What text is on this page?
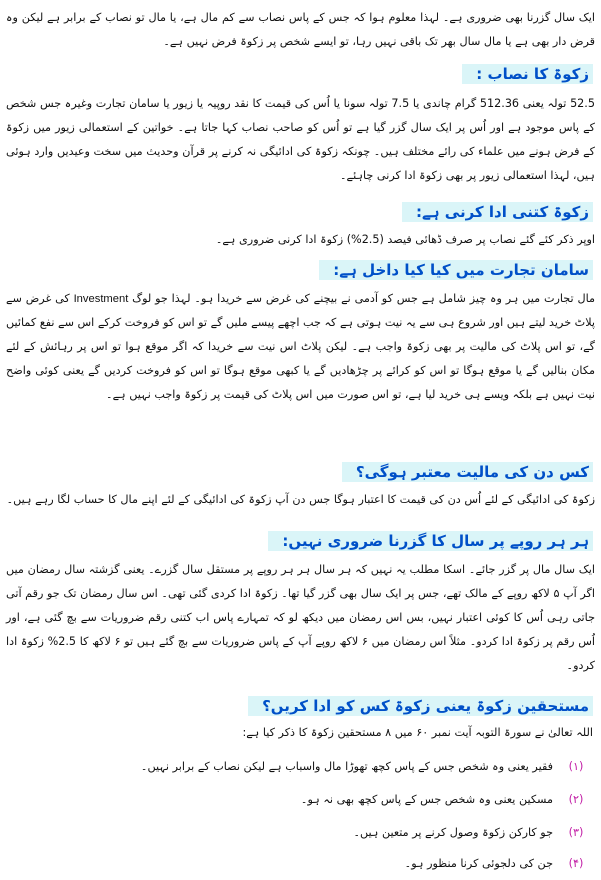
ایک سال گزرنا بھی ضروری ہے۔ لہذا معلوم ہوا کہ جس کے پاس نصاب سے کم مال ہے، یا مال تو نصاب کے برابر ہے لیکن وہ قرض دار بھی ہے یا مال سال بھر تک باقی نہیں رہا، تو ایسے شخص پر زکوۃ فرض نہیں ہے۔

زکوۃ کا نصاب :

52.5 تولہ یعنی 512.36 گرام چاندی یا 7.5 تولہ سونا یا اُس کی قیمت کا نقد روپیہ یا زیور یا سامان تجارت وغیرہ جس شخص کے پاس موجود ہے اور اُس پر ایک سال گزر گیا ہے تو اُس کو صاحب نصاب کہا جاتا ہے۔ خواتین کے استعمالی زیور میں زکوۃ کے فرض ہونے میں علماء کی رائے مختلف ہیں۔ چونکہ زکوۃ کی ادائیگی نہ کرنے پر قرآن وحدیث میں سخت وعیدیں وارد ہوئی ہیں، لہذا استعمالی زیور پر بھی زکوۃ ادا کرنی چاہئے۔

زکوۃ کتنی ادا کرنی ہے:

اوپر ذکر کئے گئے نصاب پر صرف ڈھائی فیصد (2.5%) زکوۃ ادا کرنی ضروری ہے۔

سامان تجارت میں کیا کیا داخل ہے:

مال تجارت میں ہر وہ چیز شامل ہے جس کو آدمی نے بیچنے کی غرض سے خریدا ہو۔ لہذا جو لوگ Investment کی غرض سے پلاٹ خرید لیتے ہیں اور شروع ہی سے یہ نیت ہوتی ہے کہ جب اچھے پیسے ملیں گے تو اس کو فروخت کرکے اس سے نفع کمائیں گے، تو اس پلاٹ کی مالیت پر بھی زکوۃ واجب ہے۔ لیکن پلاٹ اس نیت سے خریدا کہ اگر موقع ہوا تو اس پر رہائش کے لئے مکان بنالیں گے یا موقع ہوگا تو اس کو کرائے پر چڑھادیں گے یا کبھی موقع ہوگا تو اس کو فروخت کردیں گے یعنی کوئی واضح نیت نہیں ہے بلکہ ویسے ہی خرید لیا ہے، تو اس صورت میں اس پلاٹ کی قیمت پر زکوۃ واجب نہیں ہے۔

کس دن کی مالیت معتبر ہوگی؟

زکوۃ کی ادائیگی کے لئے اُس دن کی قیمت کا اعتبار ہوگا جس دن آپ زکوۃ کی ادائیگی کے لئے اپنے مال کا حساب لگا رہے ہیں۔

ہر ہر روپے پر سال کا گزرنا ضروری نہیں:

ایک سال مال پر گزر جائے۔ اسکا مطلب یہ نہیں کہ ہر سال ہر ہر روپے پر مستقل سال گزرے۔ یعنی گزشتہ سال رمضان میں اگر آپ ۵ لاکھ روپے کے مالک تھے، جس پر ایک سال بھی گزر گیا تھا۔ زکوۃ ادا کردی گئی تھی۔ اس سال رمضان تک جو رقم آتی جاتی رہی اُس کا کوئی اعتبار نہیں، بس اس رمضان میں دیکھ لو کہ تمہارے پاس اب کتنی رقم ضروریات سے بچ گئی ہے، اور اُس رقم پر زکوۃ ادا کردو۔ مثلاً اس رمضان میں ۶ لاکھ روپے آپ کے پاس ضروریات سے بچ گئے ہیں تو ۶ لاکھ کا 2.5% زکوۃ ادا کردو۔

مستحقین زکوۃ یعنی زکوۃ کس کو ادا کریں؟
اللہ تعالیٰ نے سورۃ التوبہ آیت نمبر ۶۰ میں ۸ مستحقین زکوۃ کا ذکر کیا ہے:
(۱)فقیر یعنی وہ شخص جس کے پاس کچھ تھوڑا مال واسباب ہے لیکن نصاب کے برابر نہیں۔
(۲)مسکین یعنی وہ شخص جس کے پاس کچھ بھی نہ ہو۔
(۳)جو کارکن زکوۃ وصول کرنے پر متعین ہیں۔
(۴)جن کی دلجوئی کرنا منظور ہو۔
